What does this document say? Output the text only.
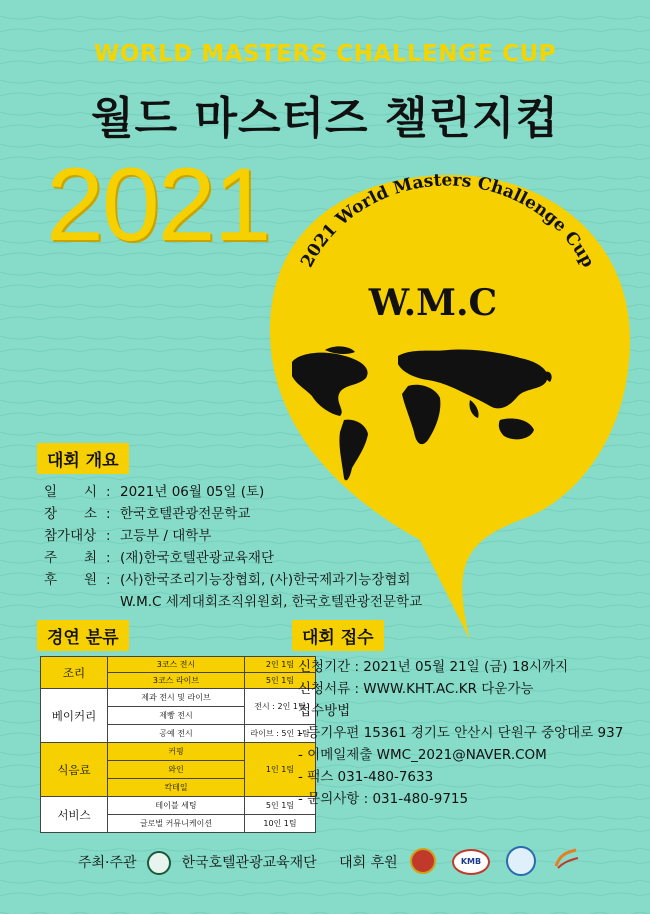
WORLD MASTERS CHALLENGE CUP
월드 마스터즈 챌린지컵
2021 2021 World Masters Challenge Cup
W.M.C
대회 개요
일　　시 : 2021년 06월 05일 (토)
장　　소 : 한국호텔관광전문학교
참가대상 : 고등부 / 대학부
주　　최 : (재)한국호텔관광교육재단
후　　원 : (사)한국조리기능장협회, (사)한국제과기능장협회
W.M.C 세계대회조직위원회, 한국호텔관광전문학교
경연 분류
조리	3코스 전시	2인 1팀
	3코스 라이브	5인 1팀
베이커리	제과 전시 및 라이브	전시 : 2인 1팀
	제빵 전시	
	공예 전시	라이브 : 5인 1팀
식음료	커핑	1인 1팀
	와인	
	칵테일	
서비스	테이블 세팅	5인 1팀
	글로벌 커뮤니케이션	10인 1팀
대회 접수
신청기간 : 2021년 05월 21일 (금) 18시까지
신청서류 : WWW.KHT.AC.KR 다운가능
접수방법
- 등기우편 15361 경기도 안산시 단원구 중앙대로 937
- 이메일제출 WMC_2021@NAVER.COM
- 팩스 031-480-7633
- 문의사항 : 031-480-9715
주최·주관	한국호텔관광교육재단 대회 후원	KMB
